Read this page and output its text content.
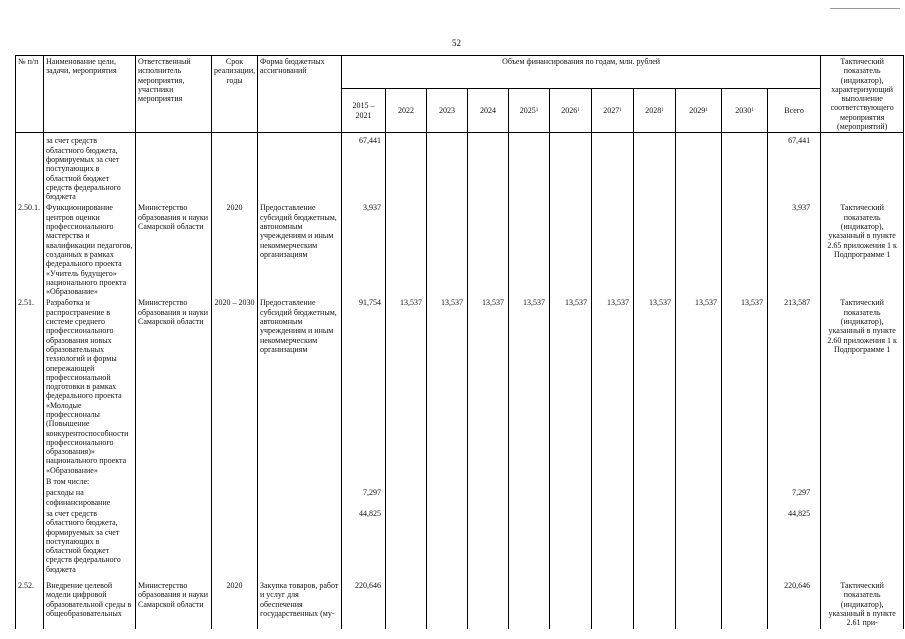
52
№ п/п	Наименование цели, задачи, мероприятия	Ответственный исполнитель мероприятия, участники мероприятия	Срок реализации, годы	Форма бюджетных ассигнований	Объем финансирования по годам, млн. рублей											Тактический показатель (индикатор), характеризующий выполнение соответствующего мероприятия (мероприятий)
					2015 – 2021	2022	2023	2024	2025$^1$	2026$^1$	2027$^1$	2028$^1$	2029$^1$	2030$^1$	Всего	
	за счет средств областного бюджета, формируемых за счет поступающих в областной бюджет средств федерального бюджета				67,441										67,441	
2.50.1.	Функционирование центров оценки профессионального мастерства и квалификации педагогов, созданных в рамках федерального проекта «Учитель будущего» национального проекта «Образование»	Министерство образования и науки Самарской области	2020	Предоставление субсидий бюджетным, автономным учреждениям и иным некоммерческим организациям	3,937										3,937	Тактический показатель (индикатор), указанный в пункте 2.65 приложения 1 к Подпрограмме 1
2.51.	Разработка и распространение в системе среднего профессионального образования новых образовательных технологий и формы опережающей профессиональной подготовки в рамках федерального проекта «Молодые профессионалы (Повышение конкурентоспособности профессионального образования)» национального проекта «Образование»	Министерство образования и науки Самарской области	2020 – 2030	Предоставление субсидий бюджетным, автономным учреждениям и иным некоммерческим организациям	91,754	13,537	13,537	13,537	13,537	13,537	13,537	13,537	13,537	13,537	213,587	Тактический показатель (индикатор), указанный в пункте 2.60 приложения 1 к Подпрограмме 1
	В том числе:															
	расходы на софинансирование				7,297										7,297	
	за счет средств областного бюджета, формируемых за счет поступающих в областной бюджет средств федерального бюджета				44,825										44,825	
2.52.	Внедрение целевой модели цифровой образовательной среды в общеобразовательных	Министерство образования и науки Самарской области	2020	Закупка товаров, работ и услуг для обеспечения государственных (му-	220,646										220,646	Тактический показатель (индикатор), указанный в пункте 2.61 при-
